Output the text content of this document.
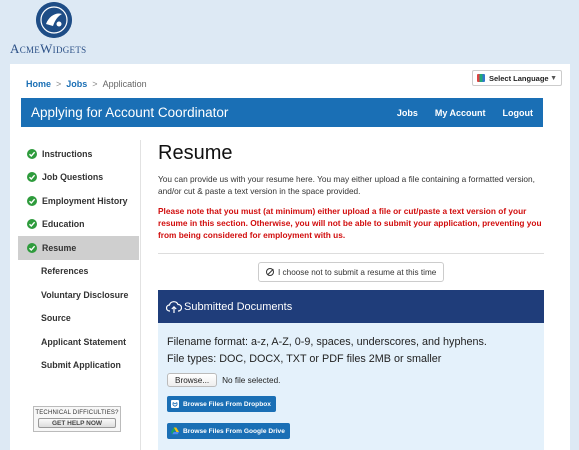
AcmeWidgets
Home > Jobs > Application
Select Language ▼
Applying for Account Coordinator	Jobs My Account Logout
Instructions
Job Questions
Employment History
Education
Resume
References
Voluntary Disclosure
Source
Applicant Statement
Submit Application
TECHNICAL DIFFICULTIES?
GET HELP NOW
Resume

You can provide us with your resume here. You may either upload a file containing a formatted version, and/or cut & paste a text version in the space provided.

Please note that you must (at minimum) either upload a file or cut/paste a text version of your resume in this section. Otherwise, you will not be able to submit your application, preventing you from being considered for employment with us.

I choose not to submit a resume at this time
Submitted Documents
Filename format: a-z, A-Z, 0-9, spaces, underscores, and hyphens.
File types: DOC, DOCX, TXT or PDF files 2MB or smaller
Browse...	No file selected.
Browse Files From Dropbox
Browse Files From Google Drive
